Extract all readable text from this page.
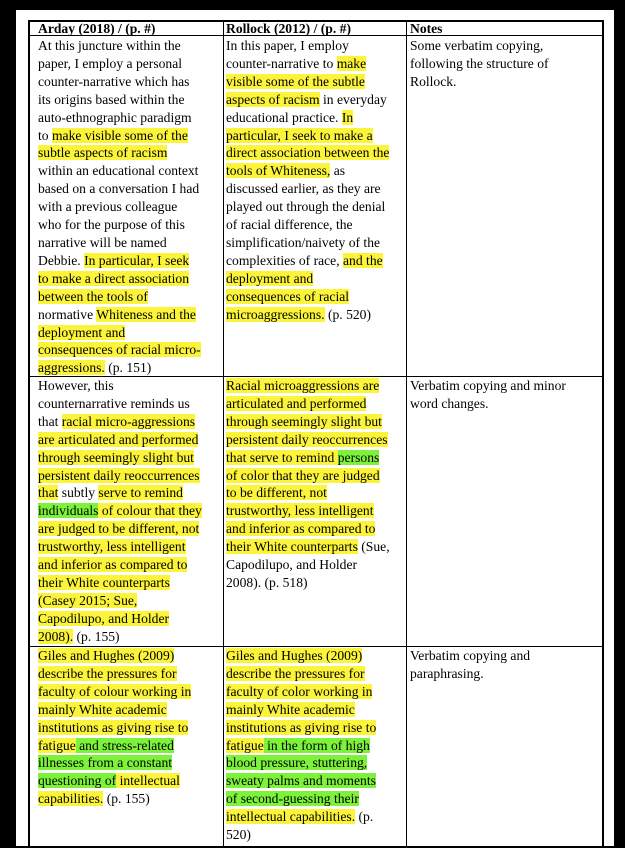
Arday (2018) / (p. #)	Rollock (2012) / (p. #)	Notes
At this juncture within the
paper, I employ a personal
counter-narrative which has
its origins based within the
auto-ethnographic paradigm
to make visible some of the
subtle aspects of racism
within an educational context
based on a conversation I had
with a previous colleague
who for the purpose of this
narrative will be named
Debbie. In particular, I seek
to make a direct association
between the tools of
normative Whiteness and the
deployment and
consequences of racial micro-
aggressions. (p. 151)
In this paper, I employ
counter-narrative to make
visible some of the subtle
aspects of racism in everyday
educational practice. In
particular, I seek to make a
direct association between the
tools of Whiteness, as
discussed earlier, as they are
played out through the denial
of racial difference, the
simplification/naivety of the
complexities of race, and the
deployment and
consequences of racial
microaggressions. (p. 520)
Some verbatim copying,
following the structure of
Rollock.
However, this
counternarrative reminds us
that racial micro-aggressions
are articulated and performed
through seemingly slight but
persistent daily reoccurrences
that subtly serve to remind
individuals of colour that they
are judged to be different, not
trustworthy, less intelligent
and inferior as compared to
their White counterparts
(Casey 2015; Sue,
Capodilupo, and Holder
2008). (p. 155)
Racial microaggressions are
articulated and performed
through seemingly slight but
persistent daily reoccurrences
that serve to remind persons
of color that they are judged
to be different, not
trustworthy, less intelligent
and inferior as compared to
their White counterparts (Sue,
Capodilupo, and Holder
2008). (p. 518)
Verbatim copying and minor
word changes.
Giles and Hughes (2009)
describe the pressures for
faculty of colour working in
mainly White academic
institutions as giving rise to
fatigue and stress-related
illnesses from a constant
questioning of intellectual
capabilities. (p. 155)
Giles and Hughes (2009)
describe the pressures for
faculty of color working in
mainly White academic
institutions as giving rise to
fatigue in the form of high
blood pressure, stuttering,
sweaty palms and moments
of second-guessing their
intellectual capabilities. (p.
520)
Verbatim copying and
paraphrasing.
